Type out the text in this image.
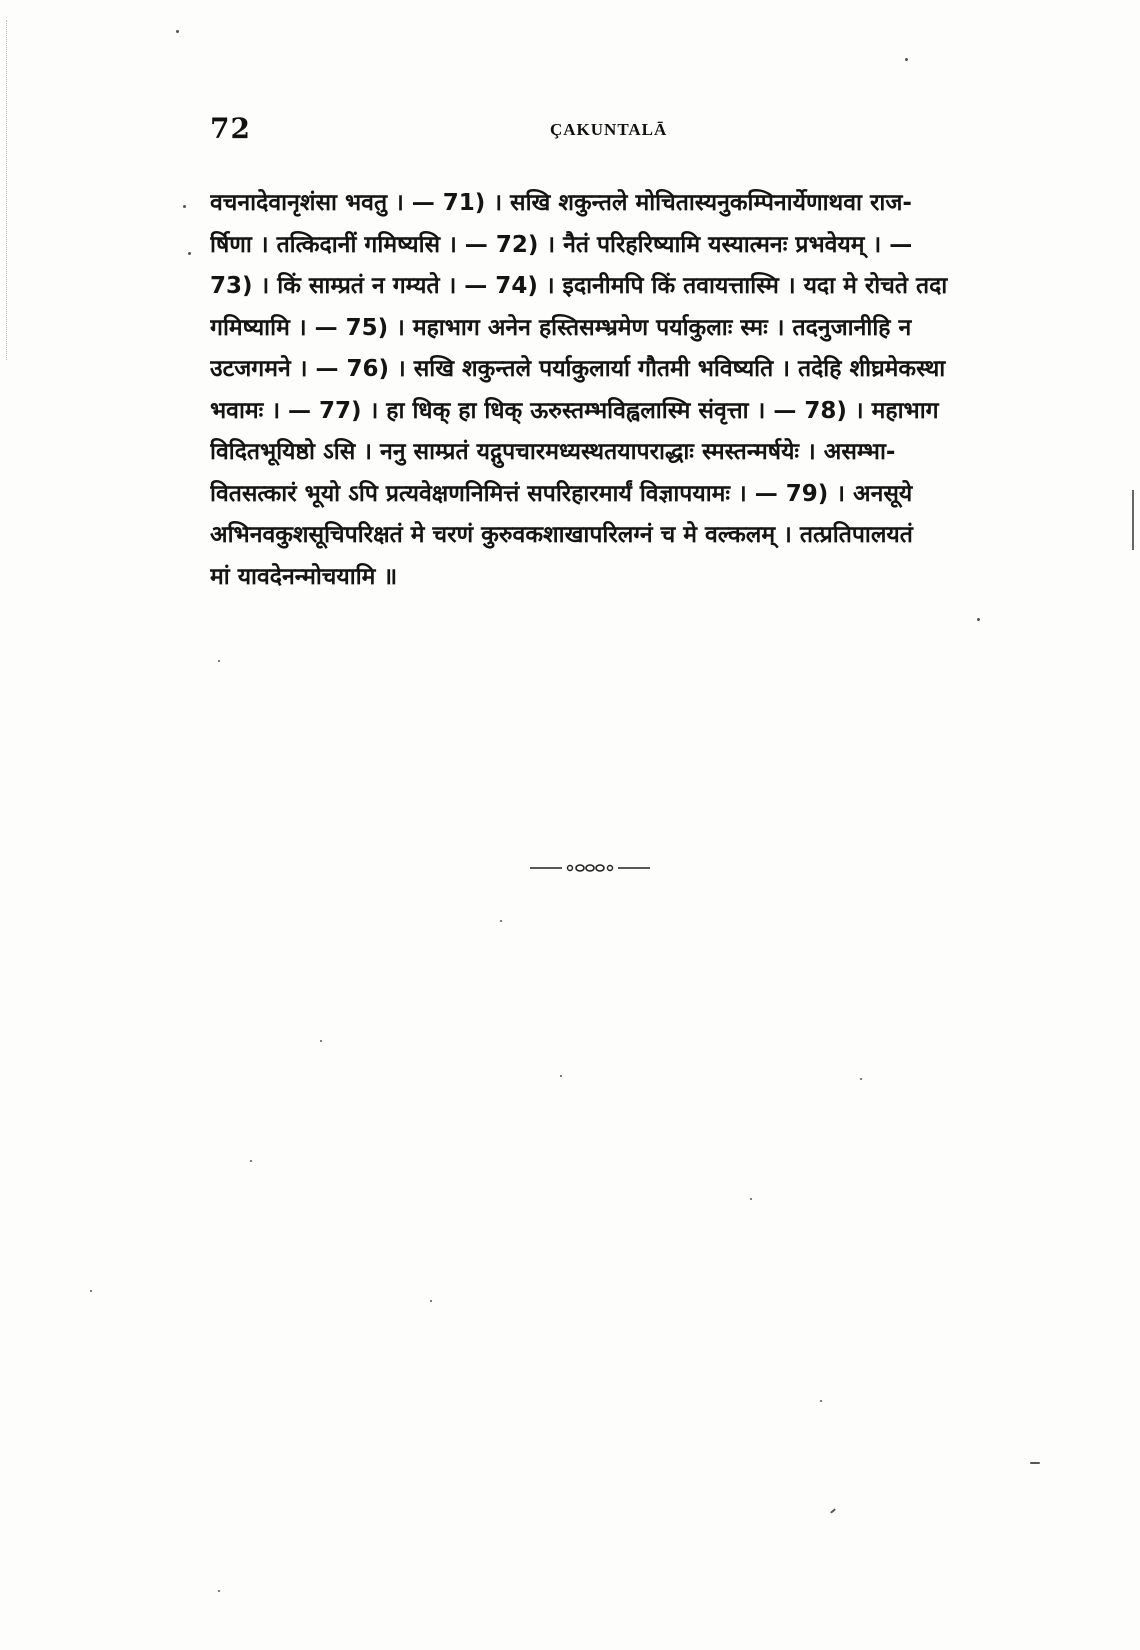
72	ÇAKUNTALĀ
वचनादेवानृशंसा भवतु । — 71) । सखि शकुन्तले मोचितास्यनुकम्पिनार्येणाथवा राज-
र्षिणा । तत्किदानीं गमिष्यसि । — 72) । नैतं परिहरिष्यामि यस्यात्मनः प्रभवेयम् । —
73) । किं साम्प्रतं न गम्यते । — 74) । इदानीमपि किं तवायत्तास्मि । यदा मे रोचते तदा
गमिष्यामि । — 75) । महाभाग अनेन हस्तिसम्भ्रमेण पर्याकुलाः स्मः । तदनुजानीहि न
उटजगमने । — 76) । सखि शकुन्तले पर्याकुलार्या गौतमी भविष्यति । तदेहि शीघ्रमेकस्था
भवामः । — 77) । हा धिक् हा धिक् ऊरुस्तम्भविह्वलास्मि संवृत्ता । — 78) । महाभाग
विदितभूयिष्ठो ऽसि । ननु साम्प्रतं यद्गुपचारमध्यस्थतयापराद्धाः स्मस्तन्मर्षयेः । असम्भा-
वितसत्कारं भूयो ऽपि प्रत्यवेक्षणनिमित्तं सपरिहारमार्यं विज्ञापयामः । — 79) । अनसूये
अभिनवकुशसूचिपरिक्षतं मे चरणं कुरुवकशाखापरिलग्नं च मे वल्कलम् । तत्प्रतिपालयतं
मां यावदेनन्मोचयामि ॥
